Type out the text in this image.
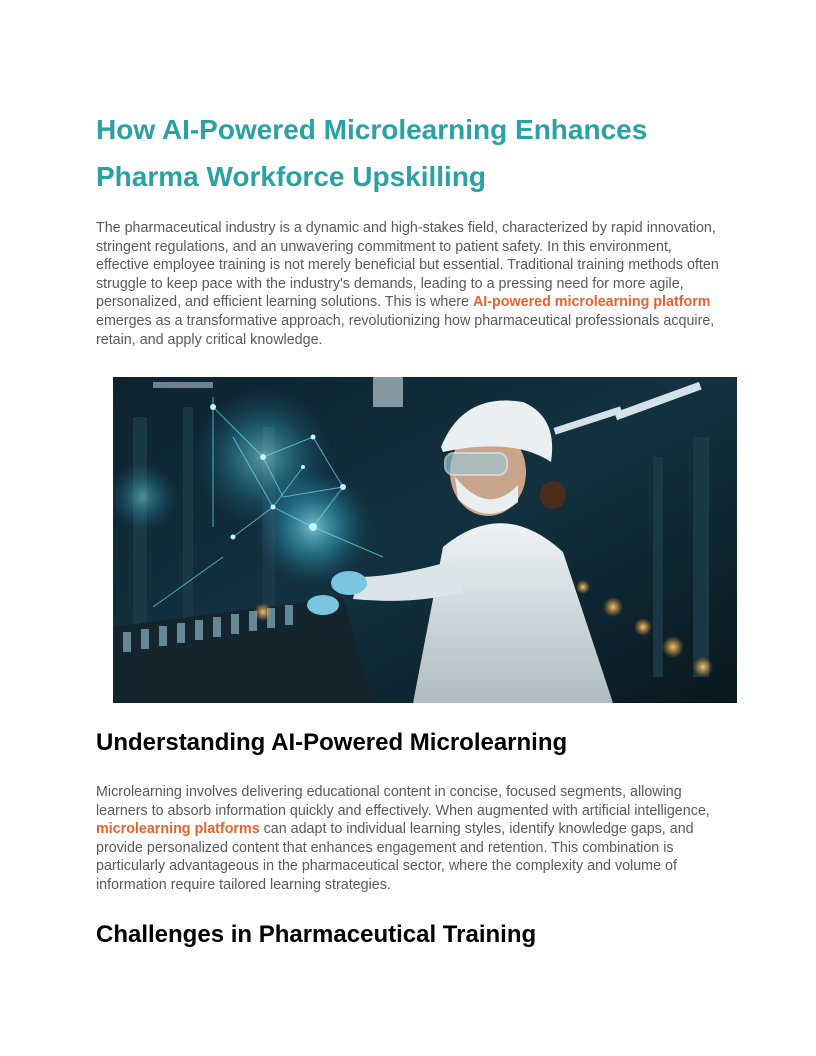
How AI-Powered Microlearning Enhances
Pharma Workforce Upskilling

The pharmaceutical industry is a dynamic and high-stakes field, characterized by rapid innovation, stringent regulations, and an unwavering commitment to patient safety. In this environment, effective employee training is not merely beneficial but essential. Traditional training methods often struggle to keep pace with the industry's demands, leading to a pressing need for more agile, personalized, and efficient learning solutions. This is where AI-powered microlearning platform emerges as a transformative approach, revolutionizing how pharmaceutical professionals acquire, retain, and apply critical knowledge.

Understanding AI-Powered Microlearning

Microlearning involves delivering educational content in concise, focused segments, allowing learners to absorb information quickly and effectively. When augmented with artificial intelligence, microlearning platforms can adapt to individual learning styles, identify knowledge gaps, and provide personalized content that enhances engagement and retention. This combination is particularly advantageous in the pharmaceutical sector, where the complexity and volume of information require tailored learning strategies.

Challenges in Pharmaceutical Training
